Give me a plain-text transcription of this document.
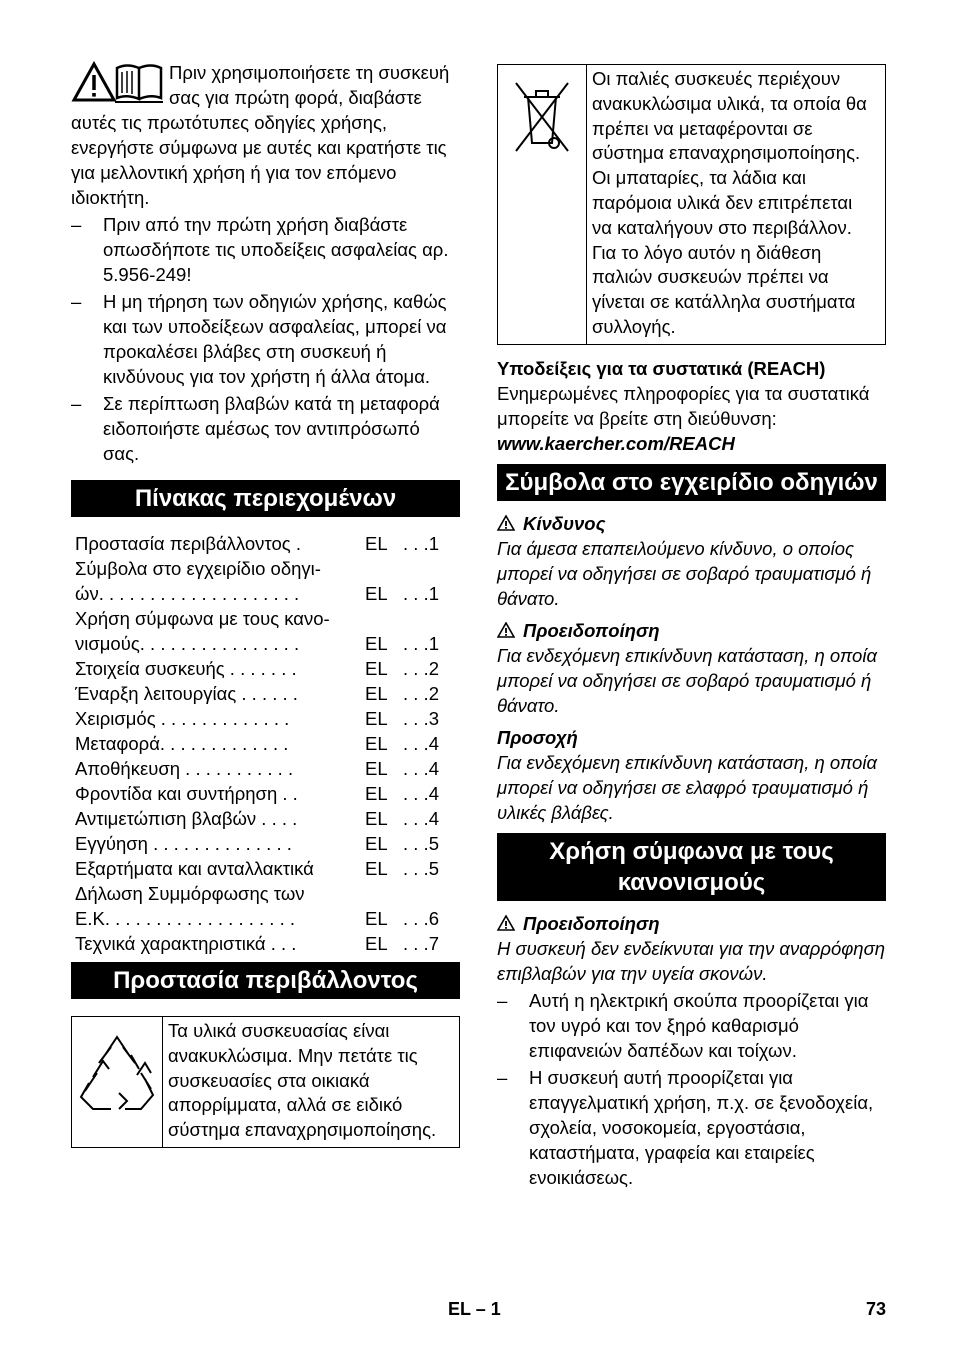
Πριν χρησιμοποιήσετε τη συσκευή σας για πρώτη φορά, διαβάστε αυτές τις πρωτότυπες οδηγίες χρήσης, ενεργήστε σύμφωνα με αυτές και κρατήστε τις για μελλοντική χρήση ή για τον επόμενο ιδιοκτήτη.

– Πριν από την πρώτη χρήση διαβάστε οπωσδήποτε τις υποδείξεις ασφαλείας αρ. 5.956-249!
– Η μη τήρηση των οδηγιών χρήσης, καθώς και των υποδείξεων ασφαλείας, μπορεί να προκαλέσει βλάβες στη συσκευή ή κινδύνους για τον χρήστη ή άλλα άτομα.
– Σε περίπτωση βλαβών κατά τη μεταφορά ειδοποιήστε αμέσως τον αντιπρόσωπό σας.
Πίνακας περιεχομένων
Προστασία περιβάλλοντος .	EL . . .1
Σύμβολα στο εγχειρίδιο οδηγι-
ών. . . . . . . . . . . . . . . . . . . .	EL . . .1
Χρήση σύμφωνα με τους κανο-
νισμούς. . . . . . . . . . . . . . . .	EL . . .1
Στοιχεία συσκευής . . . . . . .	EL . . .2
Έναρξη λειτουργίας . . . . . .	EL . . .2
Χειρισμός . . . . . . . . . . . . .	EL . . .3
Μεταφορά. . . . . . . . . . . . .	EL . . .4
Αποθήκευση . . . . . . . . . . .	EL . . .4
Φροντίδα και συντήρηση . .	EL . . .4
Αντιμετώπιση βλαβών . . . .	EL . . .4
Εγγύηση . . . . . . . . . . . . . .	EL . . .5
Εξαρτήματα και ανταλλακτικά	EL . . .5
Δήλωση Συμμόρφωσης των
Ε.Κ. . . . . . . . . . . . . . . . . . .	EL . . .6
Τεχνικά χαρακτηριστικά . . .	EL . . .7
Προστασία περιβάλλοντος
Τα υλικά συσκευασίας είναι ανακυκλώσιμα. Μην πετάτε τις συσκευασίες στα οικιακά απορρίμματα, αλλά σε ειδικό σύστημα επαναχρησιμοποίησης.
Οι παλιές συσκευές περιέχουν ανακυκλώσιμα υλικά, τα οποία θα πρέπει να μεταφέρονται σε σύστημα επαναχρησιμοποίησης. Οι μπαταρίες, τα λάδια και παρόμοια υλικά δεν επιτρέπεται να καταλήγουν στο περιβάλλον. Για το λόγο αυτόν η διάθεση παλιών συσκευών πρέπει να γίνεται σε κατάλληλα συστήματα συλλογής.

Υποδείξεις για τα συστατικά (REACH)

Ενημερωμένες πληροφορίες για τα συστατικά μπορείτε να βρείτε στη διεύθυνση:

www.kaercher.com/REACH

Σύμβολα στο εγχειρίδιο οδηγιών
Κίνδυνος

Για άμεσα επαπειλούμενο κίνδυνο, ο οποίος μπορεί να οδηγήσει σε σοβαρό τραυματισμό ή θάνατο.

Προειδοποίηση

Για ενδεχόμενη επικίνδυνη κατάσταση, η οποία μπορεί να οδηγήσει σε σοβαρό τραυματισμό ή θάνατο.

Προσοχή

Για ενδεχόμενη επικίνδυνη κατάσταση, η οποία μπορεί να οδηγήσει σε ελαφρό τραυματισμό ή υλικές βλάβες.

Χρήση σύμφωνα με τους κανονισμούς
Προειδοποίηση

Η συσκευή δεν ενδείκνυται για την αναρρόφηση επιβλαβών για την υγεία σκονών.

– Αυτή η ηλεκτρική σκούπα προορίζεται για τον υγρό και τον ξηρό καθαρισμό επιφανειών δαπέδων και τοίχων.
– Η συσκευή αυτή προορίζεται για επαγγελματική χρήση, π.χ. σε ξενοδοχεία, σχολεία, νοσοκομεία, εργοστάσια, καταστήματα, γραφεία και εταιρείες ενοικιάσεως.
EL – 1	73
